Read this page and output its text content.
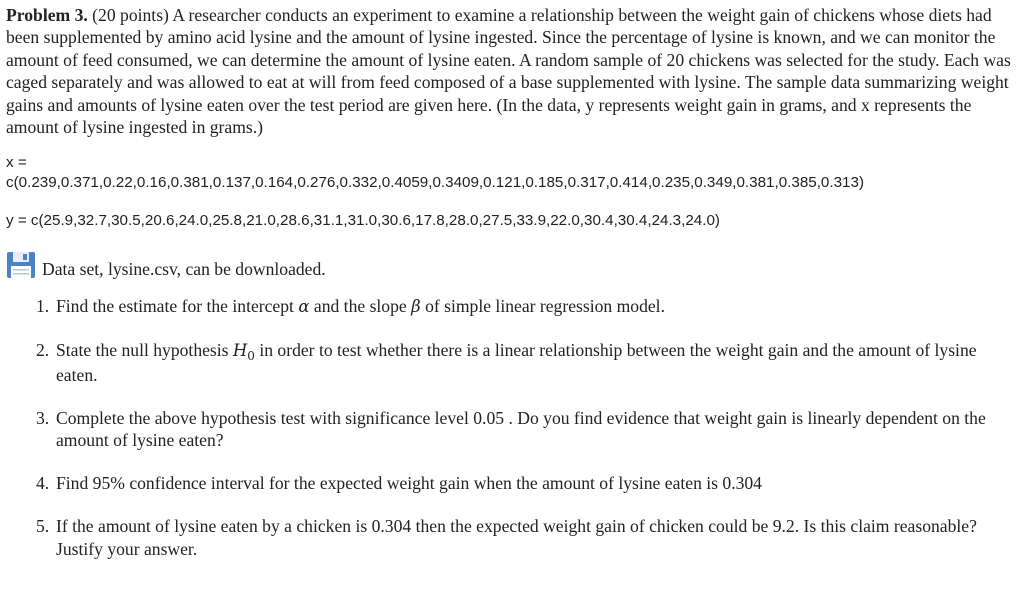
Problem 3. (20 points) A researcher conducts an experiment to examine a relationship between the weight gain of chickens whose diets had been supplemented by amino acid lysine and the amount of lysine ingested. Since the percentage of lysine is known, and we can monitor the amount of feed consumed, we can determine the amount of lysine eaten. A random sample of 20 chickens was selected for the study. Each was caged separately and was allowed to eat at will from feed composed of a base supplemented with lysine. The sample data summarizing weight gains and amounts of lysine eaten over the test period are given here. (In the data, y represents weight gain in grams, and x represents the amount of lysine ingested in grams.)

x =
c(0.239,0.371,0.22,0.16,0.381,0.137,0.164,0.276,0.332,0.4059,0.3409,0.121,0.185,0.317,0.414,0.235,0.349,0.381,0.385,0.313)
y = c(25.9,32.7,30.5,20.6,24.0,25.8,21.0,28.6,31.1,31.0,30.6,17.8,28.0,27.5,33.9,22.0,30.4,30.4,24.3,24.0)
Data set, lysine.csv, can be downloaded.
1. Find the estimate for the intercept α and the slope β of simple linear regression model.
2. State the null hypothesis $H_0$ in order to test whether there is a linear relationship between the weight gain and the amount of lysine eaten.
3. Complete the above hypothesis test with significance level 0.05 . Do you find evidence that weight gain is linearly dependent on the amount of lysine eaten?
4. Find 95% confidence interval for the expected weight gain when the amount of lysine eaten is 0.304
5. If the amount of lysine eaten by a chicken is 0.304 then the expected weight gain of chicken could be 9.2. Is this claim reasonable? Justify your answer.
